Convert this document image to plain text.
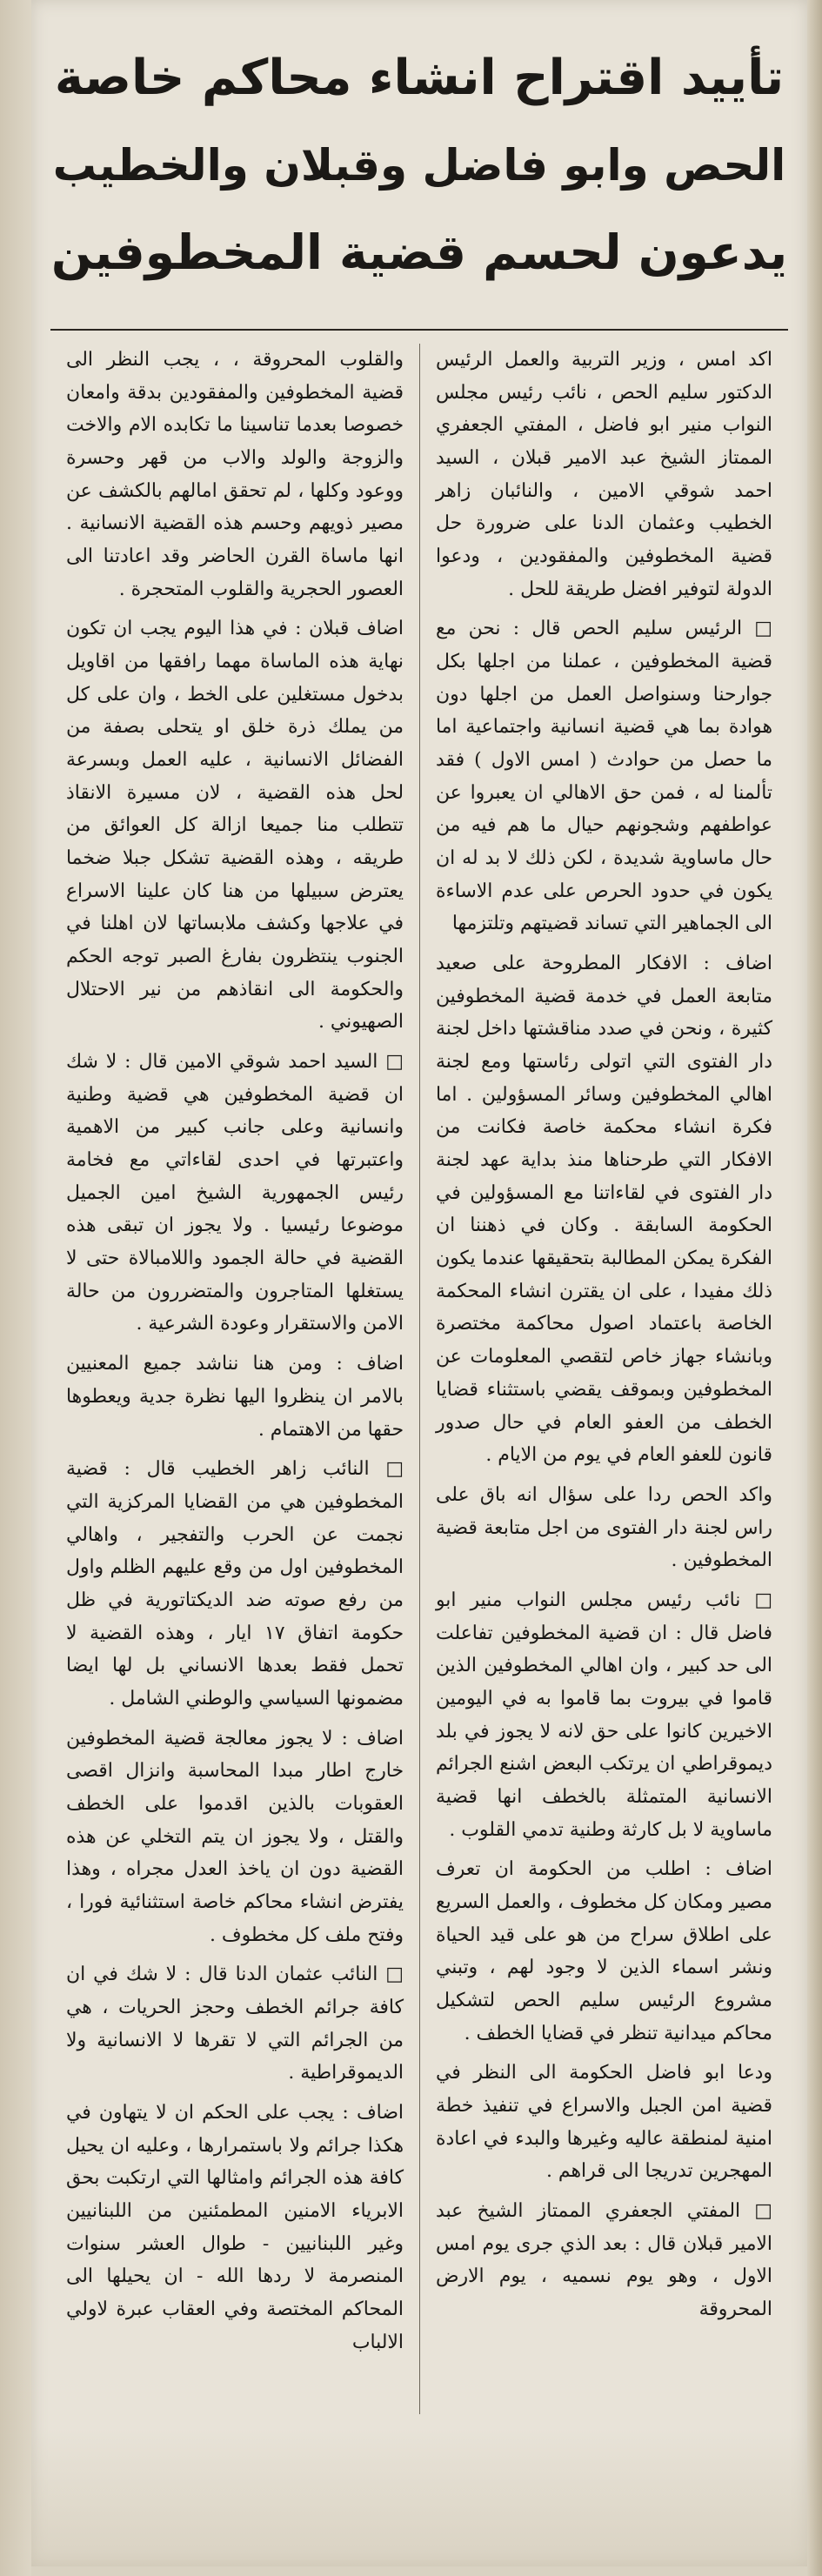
تأييد اقتراح انشاء محاكم خاصة
الحص وابو فاضل وقبلان والخطيب
يدعون لحسم قضية المخطوفين

اكد امس ، وزير التربية والعمل الرئيس الدكتور سليم الحص ، نائب رئيس مجلس النواب منير ابو فاضل ، المفتي الجعفري الممتاز الشيخ عبد الامير قبلان ، السيد احمد شوقي الامين ، والنائبان زاهر الخطيب وعثمان الدنا على ضرورة حل قضية المخطوفين والمفقودين ، ودعوا الدولة لتوفير افضل طريقة للحل .

□ الرئيس سليم الحص قال : نحن مع قضية المخطوفين ، عملنا من اجلها بكل جوارحنا وسنواصل العمل من اجلها دون هوادة بما هي قضية انسانية واجتماعية اما ما حصل من حوادث ( امس الاول ) فقد تألمنا له ، فمن حق الاهالي ان يعبروا عن عواطفهم وشجونهم حيال ما هم فيه من حال ماساوية شديدة ، لكن ذلك لا بد له ان يكون في حدود الحرص على عدم الاساءة الى الجماهير التي تساند قضيتهم وتلتزمها

اضاف : الافكار المطروحة على صعيد متابعة العمل في خدمة قضية المخطوفين كثيرة ، ونحن في صدد مناقشتها داخل لجنة دار الفتوى التي اتولى رئاستها ومع لجنة اهالي المخطوفين وسائر المسؤولين . اما فكرة انشاء محكمة خاصة فكانت من الافكار التي طرحناها منذ بداية عهد لجنة دار الفتوى في لقاءاتنا مع المسؤولين في الحكومة السابقة . وكان في ذهننا ان الفكرة يمكن المطالبة بتحقيقها عندما يكون ذلك مفيدا ، على ان يقترن انشاء المحكمة الخاصة باعتماد اصول محاكمة مختصرة وبانشاء جهاز خاص لتقصي المعلومات عن المخطوفين وبموقف يقضي باستثناء قضايا الخطف من العفو العام في حال صدور قانون للعفو العام في يوم من الايام .

واكد الحص ردا على سؤال انه باق على راس لجنة دار الفتوى من اجل متابعة قضية المخطوفين .

□ نائب رئيس مجلس النواب منير ابو فاضل قال : ان قضية المخطوفين تفاعلت الى حد كبير ، وان اهالي المخطوفين الذين قاموا في بيروت بما قاموا به في اليومين الاخيرين كانوا على حق لانه لا يجوز في بلد ديموقراطي ان يرتكب البعض اشنع الجرائم الانسانية المتمثلة بالخطف انها قضية ماساوية لا بل كارثة وطنية تدمي القلوب .

اضاف : اطلب من الحكومة ان تعرف مصير ومكان كل مخطوف ، والعمل السريع على اطلاق سراح من هو على قيد الحياة ونشر اسماء الذين لا وجود لهم ، وتبني مشروع الرئيس سليم الحص لتشكيل محاكم ميدانية تنظر في قضايا الخطف .

ودعا ابو فاضل الحكومة الى النظر في قضية امن الجبل والاسراع في تنفيذ خطة امنية لمنطقة عاليه وغيرها والبدء في اعادة المهجرين تدريجا الى قراهم .

□ المفتي الجعفري الممتاز الشيخ عبد الامير قبلان قال : بعد الذي جرى يوم امس الاول ، وهو يوم نسميه ، يوم الارض المحروقة

والقلوب المحروقة ، ، يجب النظر الى قضية المخطوفين والمفقودين بدقة وامعان خصوصا بعدما تناسينا ما تكابده الام والاخت والزوجة والولد والاب من قهر وحسرة ووعود وكلها ، لم تحقق امالهم بالكشف عن مصير ذويهم وحسم هذه القضية الانسانية . انها ماساة القرن الحاضر وقد اعادتنا الى العصور الحجرية والقلوب المتحجرة .

اضاف قبلان : في هذا اليوم يجب ان تكون نهاية هذه الماساة مهما رافقها من اقاويل بدخول مستغلين على الخط ، وان على كل من يملك ذرة خلق او يتحلى بصفة من الفضائل الانسانية ، عليه العمل وبسرعة لحل هذه القضية ، لان مسيرة الانقاذ تتطلب منا جميعا ازالة كل العوائق من طريقه ، وهذه القضية تشكل جبلا ضخما يعترض سبيلها من هنا كان علينا الاسراع في علاجها وكشف ملابساتها لان اهلنا في الجنوب ينتظرون بفارغ الصبر توجه الحكم والحكومة الى انقاذهم من نير الاحتلال الصهيوني .

□ السيد احمد شوقي الامين قال : لا شك ان قضية المخطوفين هي قضية وطنية وانسانية وعلى جانب كبير من الاهمية واعتبرتها في احدى لقاءاتي مع فخامة رئيس الجمهورية الشيخ امين الجميل موضوعا رئيسيا . ولا يجوز ان تبقى هذه القضية في حالة الجمود واللامبالاة حتى لا يستغلها المتاجرون والمتضررون من حالة الامن والاستقرار وعودة الشرعية .

اضاف : ومن هنا نناشد جميع المعنيين بالامر ان ينظروا اليها نظرة جدية ويعطوها حقها من الاهتمام .

□ النائب زاهر الخطيب قال : قضية المخطوفين هي من القضايا المركزية التي نجمت عن الحرب والتفجير ، واهالي المخطوفين اول من وقع عليهم الظلم واول من رفع صوته ضد الديكتاتورية في ظل حكومة اتفاق ١٧ ايار ، وهذه القضية لا تحمل فقط بعدها الانساني بل لها ايضا مضمونها السياسي والوطني الشامل .

اضاف : لا يجوز معالجة قضية المخطوفين خارج اطار مبدا المحاسبة وانزال اقصى العقوبات بالذين اقدموا على الخطف والقتل ، ولا يجوز ان يتم التخلي عن هذه القضية دون ان ياخذ العدل مجراه ، وهذا يفترض انشاء محاكم خاصة استثنائية فورا ، وفتح ملف كل مخطوف .

□ النائب عثمان الدنا قال : لا شك في ان كافة جرائم الخطف وحجز الحريات ، هي من الجرائم التي لا تقرها لا الانسانية ولا الديموقراطية .

اضاف : يجب على الحكم ان لا يتهاون في هكذا جرائم ولا باستمرارها ، وعليه ان يحيل كافة هذه الجرائم وامثالها التي ارتكبت بحق الابرياء الامنين المطمئنين من اللبنانيين وغير اللبنانيين - طوال العشر سنوات المنصرمة لا ردها الله - ان يحيلها الى المحاكم المختصة وفي العقاب عبرة لاولي الالباب
